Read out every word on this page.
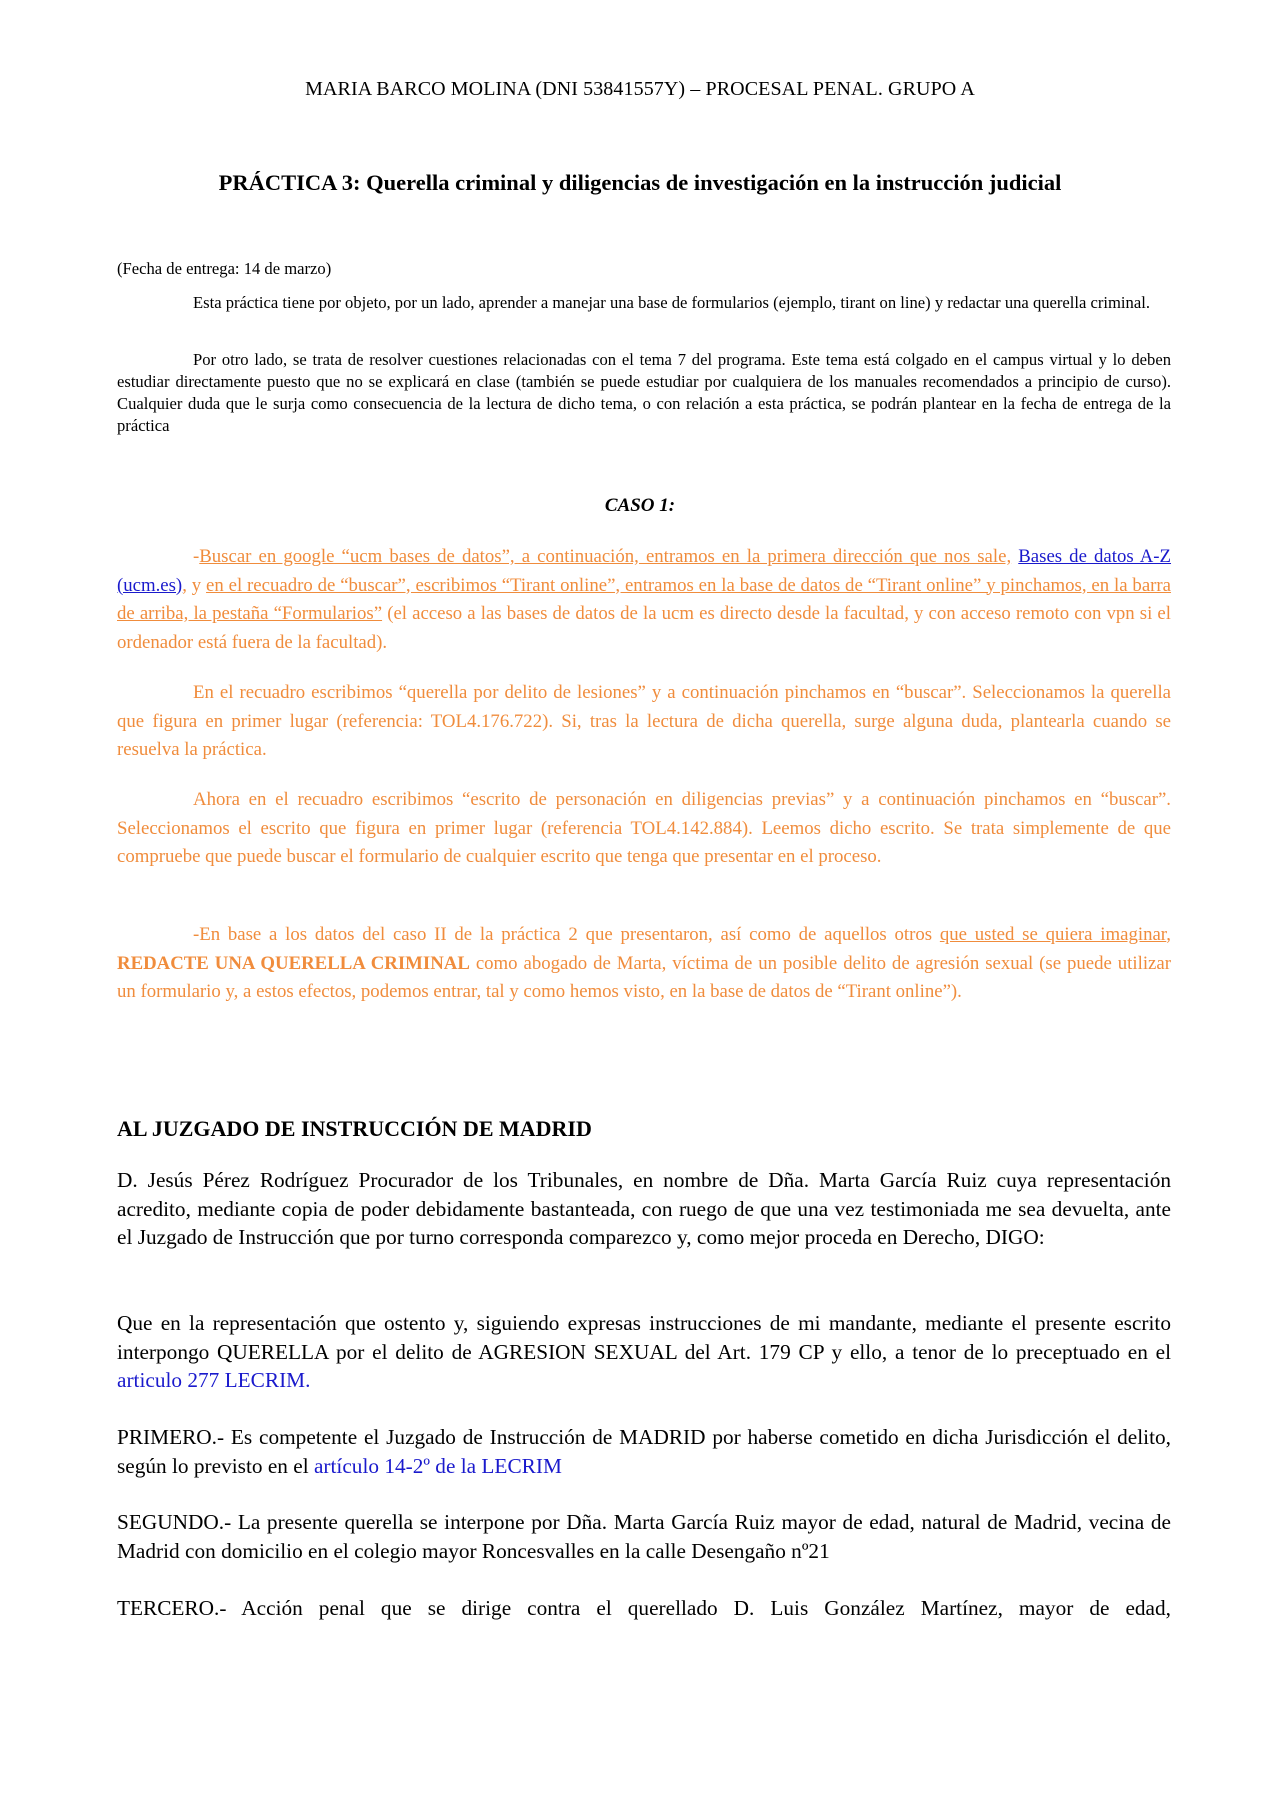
MARIA BARCO MOLINA (DNI 53841557Y) – PROCESAL PENAL. GRUPO A
PRÁCTICA 3: Querella criminal y diligencias de investigación en la instrucción judicial
(Fecha de entrega: 14 de marzo)
Esta práctica tiene por objeto, por un lado, aprender a manejar una base de formularios (ejemplo, tirant on line) y redactar una querella criminal.
Por otro lado, se trata de resolver cuestiones relacionadas con el tema 7 del programa. Este tema está colgado en el campus virtual y lo deben estudiar directamente puesto que no se explicará en clase (también se puede estudiar por cualquiera de los manuales recomendados a principio de curso). Cualquier duda que le surja como consecuencia de la lectura de dicho tema, o con relación a esta práctica, se podrán plantear en la fecha de entrega de la práctica
CASO 1:
-Buscar en google “ucm bases de datos”, a continuación, entramos en la primera dirección que nos sale, Bases de datos A-Z (ucm.es), y en el recuadro de “buscar”, escribimos “Tirant online”, entramos en la base de datos de “Tirant online” y pinchamos, en la barra de arriba, la pestaña “Formularios” (el acceso a las bases de datos de la ucm es directo desde la facultad, y con acceso remoto con vpn si el ordenador está fuera de la facultad).
En el recuadro escribimos “querella por delito de lesiones” y a continuación pinchamos en “buscar”. Seleccionamos la querella que figura en primer lugar (referencia: TOL4.176.722). Si, tras la lectura de dicha querella, surge alguna duda, plantearla cuando se resuelva la práctica.
Ahora en el recuadro escribimos “escrito de personación en diligencias previas” y a continuación pinchamos en “buscar”. Seleccionamos el escrito que figura en primer lugar (referencia TOL4.142.884). Leemos dicho escrito. Se trata simplemente de que compruebe que puede buscar el formulario de cualquier escrito que tenga que presentar en el proceso.
-En base a los datos del caso II de la práctica 2 que presentaron, así como de aquellos otros que usted se quiera imaginar, REDACTE UNA QUERELLA CRIMINAL como abogado de Marta, víctima de un posible delito de agresión sexual (se puede utilizar un formulario y, a estos efectos, podemos entrar, tal y como hemos visto, en la base de datos de “Tirant online”).
AL JUZGADO DE INSTRUCCIÓN DE MADRID
D. Jesús Pérez Rodríguez Procurador de los Tribunales, en nombre de Dña. Marta García Ruiz cuya representación acredito, mediante copia de poder debidamente bastanteada, con ruego de que una vez testimoniada me sea devuelta, ante el Juzgado de Instrucción que por turno corresponda comparezco y, como mejor proceda en Derecho, DIGO:
Que en la representación que ostento y, siguiendo expresas instrucciones de mi mandante, mediante el presente escrito interpongo QUERELLA por el delito de AGRESION SEXUAL del Art. 179 CP y ello, a tenor de lo preceptuado en el articulo 277 LECRIM.
PRIMERO.- Es competente el Juzgado de Instrucción de MADRID por haberse cometido en dicha Jurisdicción el delito, según lo previsto en el artículo 14-2º de la LECRIM
SEGUNDO.- La presente querella se interpone por Dña. Marta García Ruiz mayor de edad, natural de Madrid, vecina de Madrid con domicilio en el colegio mayor Roncesvalles en la calle Desengaño nº21
TERCERO.- Acción penal que se dirige contra el querellado D. Luis González Martínez, mayor de edad,
